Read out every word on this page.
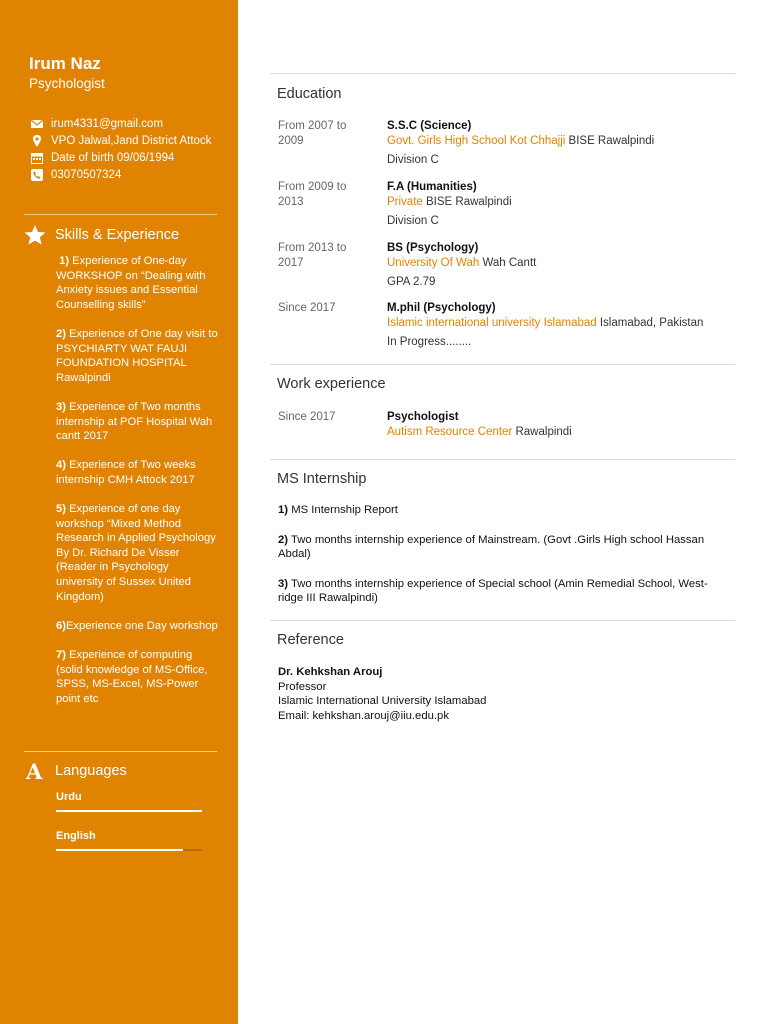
Irum Naz
Psychologist
irum4331@gmail.com
VPO Jalwal,Jand District Attock
Date of birth 09/06/1994
03070507324
Skills & Experience
1) Experience of One-day WORKSHOP on “Dealing with Anxiety issues and Essential Counselling skills”
2) Experience of One day visit to PSYCHIARTY WAT FAUJI FOUNDATION HOSPITAL Rawalpindi
3) Experience of Two months internship at POF Hospital Wah cantt 2017
4) Experience of Two weeks internship CMH Attock 2017
5) Experience of one day workshop “Mixed Method Research in Applied Psychology By Dr. Richard De Visser (Reader in Psychology university of Sussex United Kingdom)
6)Experience one Day workshop
7) Experience of computing (solid knowledge of MS-Office, SPSS, MS-Excel, MS-Power point etc
A Languages
Urdu
English
Education
From 2007 to 2009
S.S.C (Science)
Govt. Girls High School Kot Chhajji BISE Rawalpindi
Division C
From 2009 to 2013
F.A (Humanities)
Private BISE Rawalpindi
Division C
From 2013 to 2017
BS (Psychology)
University Of Wah Wah Cantt
GPA 2.79
Since 2017	M.phil (Psychology)
Islamic international university Islamabad Islamabad, Pakistan
In Progress........
Work experience
Since 2017	Psychologist
Autism Resource Center Rawalpindi
MS Internship
1) MS Internship Report
2) Two months internship experience of Mainstream. (Govt .Girls High school Hassan Abdal)
3) Two months internship experience of Special school (Amin Remedial School, West-ridge III Rawalpindi)
Reference
Dr. Kehkshan Arouj
Professor
Islamic International University Islamabad
Email: kehkshan.arouj@iiu.edu.pk
